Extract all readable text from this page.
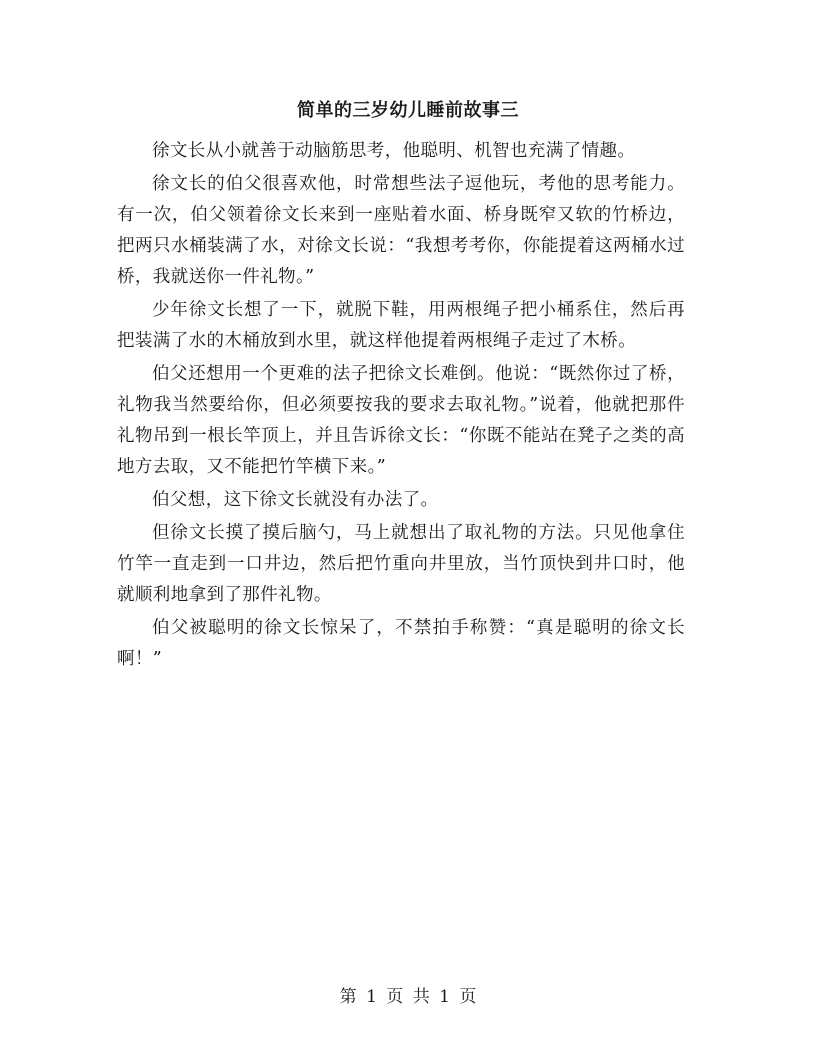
简单的三岁幼儿睡前故事三

徐文长从小就善于动脑筋思考，他聪明、机智也充满了情趣。

徐文长的伯父很喜欢他，时常想些法子逗他玩，考他的思考能力。有一次，伯父领着徐文长来到一座贴着水面、桥身既窄又软的竹桥边，把两只水桶装满了水，对徐文长说：“我想考考你，你能提着这两桶水过桥，我就送你一件礼物。”

少年徐文长想了一下，就脱下鞋，用两根绳子把小桶系住，然后再把装满了水的木桶放到水里，就这样他提着两根绳子走过了木桥。

伯父还想用一个更难的法子把徐文长难倒。他说：“既然你过了桥，礼物我当然要给你，但必须要按我的要求去取礼物。”说着，他就把那件礼物吊到一根长竿顶上，并且告诉徐文长：“你既不能站在凳子之类的高地方去取，又不能把竹竿横下来。”

伯父想，这下徐文长就没有办法了。

但徐文长摸了摸后脑勺，马上就想出了取礼物的方法。只见他拿住竹竿一直走到一口井边，然后把竹重向井里放，当竹顶快到井口时，他就顺利地拿到了那件礼物。

伯父被聪明的徐文长惊呆了，不禁拍手称赞：“真是聪明的徐文长啊！”

第 1 页 共 1 页
